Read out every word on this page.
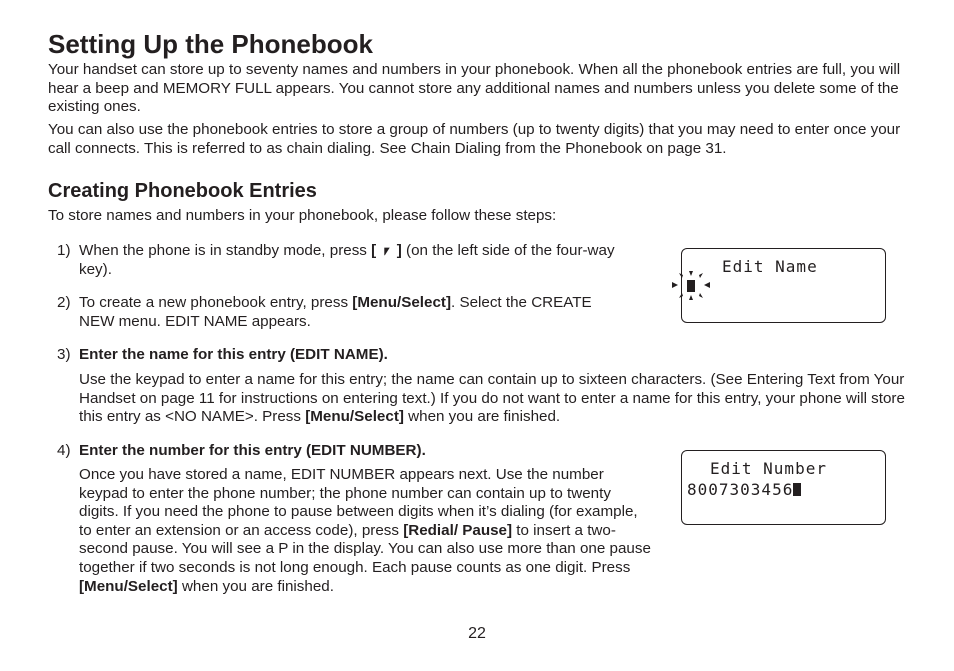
Setting Up the Phonebook

Your handset can store up to seventy names and numbers in your phonebook. When all the phonebook entries are full, you will hear a beep and MEMORY FULL appears. You cannot store any additional names and numbers unless you delete some of the existing ones.

You can also use the phonebook entries to store a group of numbers (up to twenty digits) that you may need to enter once your call connects. This is referred to as chain dialing. See Chain Dialing from the Phonebook on page 31.

Creating Phonebook Entries

To store names and numbers in your phonebook, please follow these steps:

1) When the phone is in standby mode, press [ ⎖ ] (on the left side of the four-way key).

2) To create a new phonebook entry, press [Menu/Select]. Select the CREATE NEW menu. EDIT NAME appears.

3) Enter the name for this entry (EDIT NAME).

Use the keypad to enter a name for this entry; the name can contain up to sixteen characters. (See Entering Text from Your Handset on page 11 for instructions on entering text.) If you do not want to enter a name for this entry, your phone will store this entry as <NO NAME>. Press [Menu/Select] when you are finished.

4) Enter the number for this entry (EDIT NUMBER).

Once you have stored a name, EDIT NUMBER appears next. Use the number keypad to enter the phone number; the phone number can contain up to twenty digits. If you need the phone to pause between digits when it’s dialing (for example, to enter an extension or an access code), press [Redial/ Pause] to insert a two-second pause. You will see a P in the display. You can also use more than one pause together if two seconds is not long enough. Each pause counts as one digit. Press [Menu/Select] when you are finished.

Edit Name
Edit Number
8007303456
22
